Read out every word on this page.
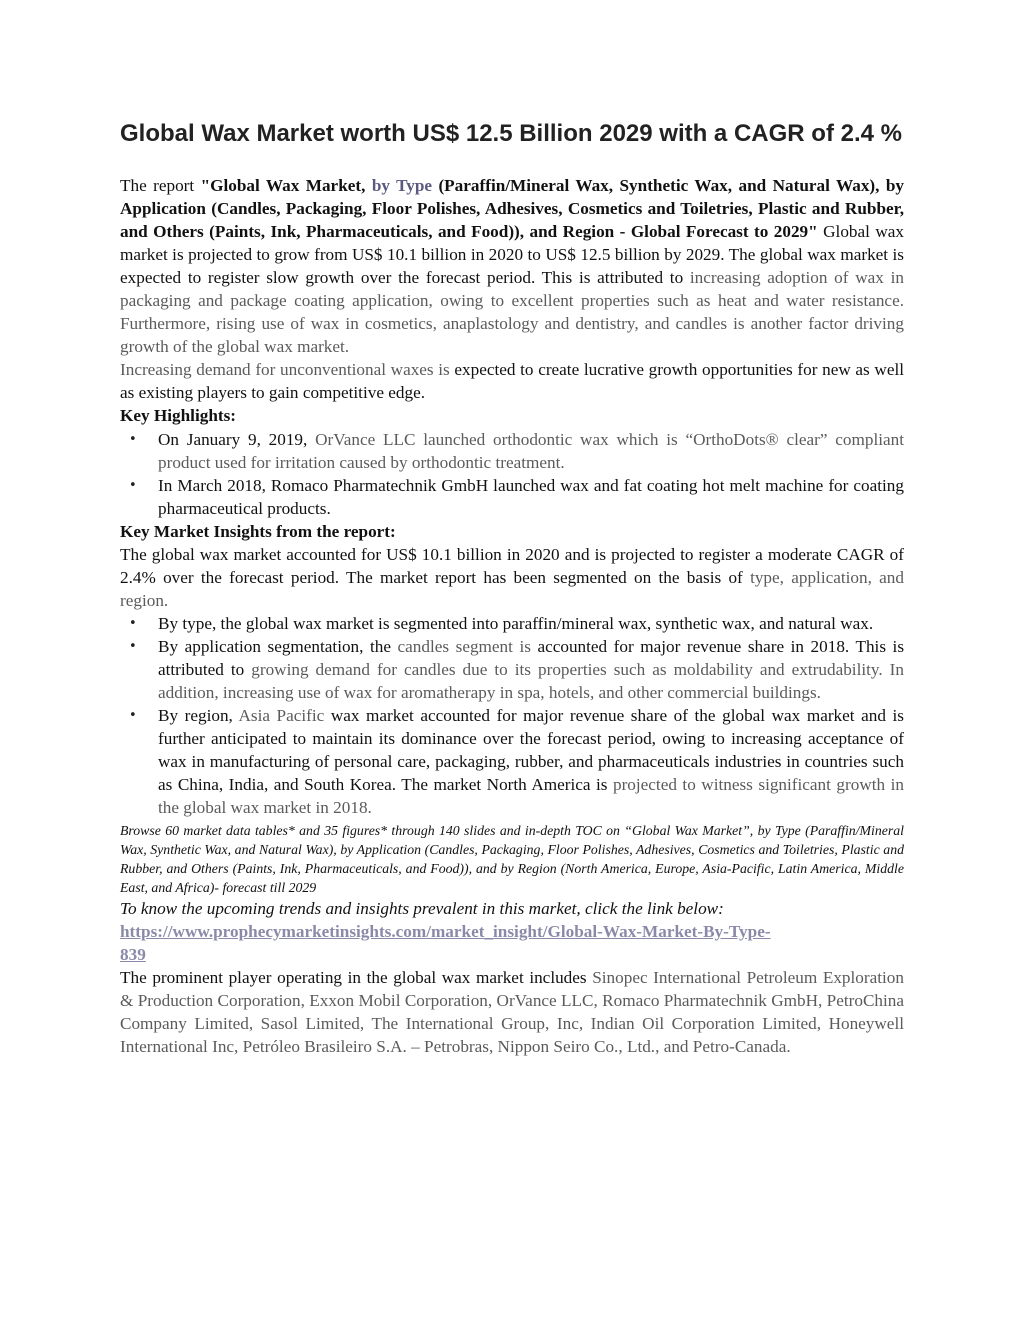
Global Wax Market worth US$ 12.5 Billion 2029 with a CAGR of 2.4 %

The report "Global Wax Market, by Type (Paraffin/Mineral Wax, Synthetic Wax, and Natural Wax), by Application (Candles, Packaging, Floor Polishes, Adhesives, Cosmetics and Toiletries, Plastic and Rubber, and Others (Paints, Ink, Pharmaceuticals, and Food)), and Region - Global Forecast to 2029" Global wax market is projected to grow from US$ 10.1 billion in 2020 to US$ 12.5 billion by 2029. The global wax market is expected to register slow growth over the forecast period. This is attributed to increasing adoption of wax in packaging and package coating application, owing to excellent properties such as heat and water resistance. Furthermore, rising use of wax in cosmetics, anaplastology and dentistry, and candles is another factor driving growth of the global wax market.

Increasing demand for unconventional waxes is expected to create lucrative growth opportunities for new as well as existing players to gain competitive edge.

Key Highlights:

• On January 9, 2019, OrVance LLC launched orthodontic wax which is “OrthoDots® clear” compliant product used for irritation caused by orthodontic treatment.
• In March 2018, Romaco Pharmatechnik GmbH launched wax and fat coating hot melt machine for coating pharmaceutical products.

Key Market Insights from the report:

The global wax market accounted for US$ 10.1 billion in 2020 and is projected to register a moderate CAGR of 2.4% over the forecast period. The market report has been segmented on the basis of type, application, and region.

• By type, the global wax market is segmented into paraffin/mineral wax, synthetic wax, and natural wax.
• By application segmentation, the candles segment is accounted for major revenue share in 2018. This is attributed to growing demand for candles due to its properties such as moldability and extrudability. In addition, increasing use of wax for aromatherapy in spa, hotels, and other commercial buildings.
• By region, Asia Pacific wax market accounted for major revenue share of the global wax market and is further anticipated to maintain its dominance over the forecast period, owing to increasing acceptance of wax in manufacturing of personal care, packaging, rubber, and pharmaceuticals industries in countries such as China, India, and South Korea. The market North America is projected to witness significant growth in the global wax market in 2018.

Browse 60 market data tables* and 35 figures* through 140 slides and in-depth TOC on “Global Wax Market”, by Type (Paraffin/Mineral Wax, Synthetic Wax, and Natural Wax), by Application (Candles, Packaging, Floor Polishes, Adhesives, Cosmetics and Toiletries, Plastic and Rubber, and Others (Paints, Ink, Pharmaceuticals, and Food)), and by Region (North America, Europe, Asia-Pacific, Latin America, Middle East, and Africa)- forecast till 2029

To know the upcoming trends and insights prevalent in this market, click the link below:

https://www.prophecymarketinsights.com/market_insight/Global-Wax-Market-By-Type-
839

The prominent player operating in the global wax market includes Sinopec International Petroleum Exploration & Production Corporation, Exxon Mobil Corporation, OrVance LLC, Romaco Pharmatechnik GmbH, PetroChina Company Limited, Sasol Limited, The International Group, Inc, Indian Oil Corporation Limited, Honeywell International Inc, Petróleo Brasileiro S.A. – Petrobras, Nippon Seiro Co., Ltd., and Petro-Canada.
